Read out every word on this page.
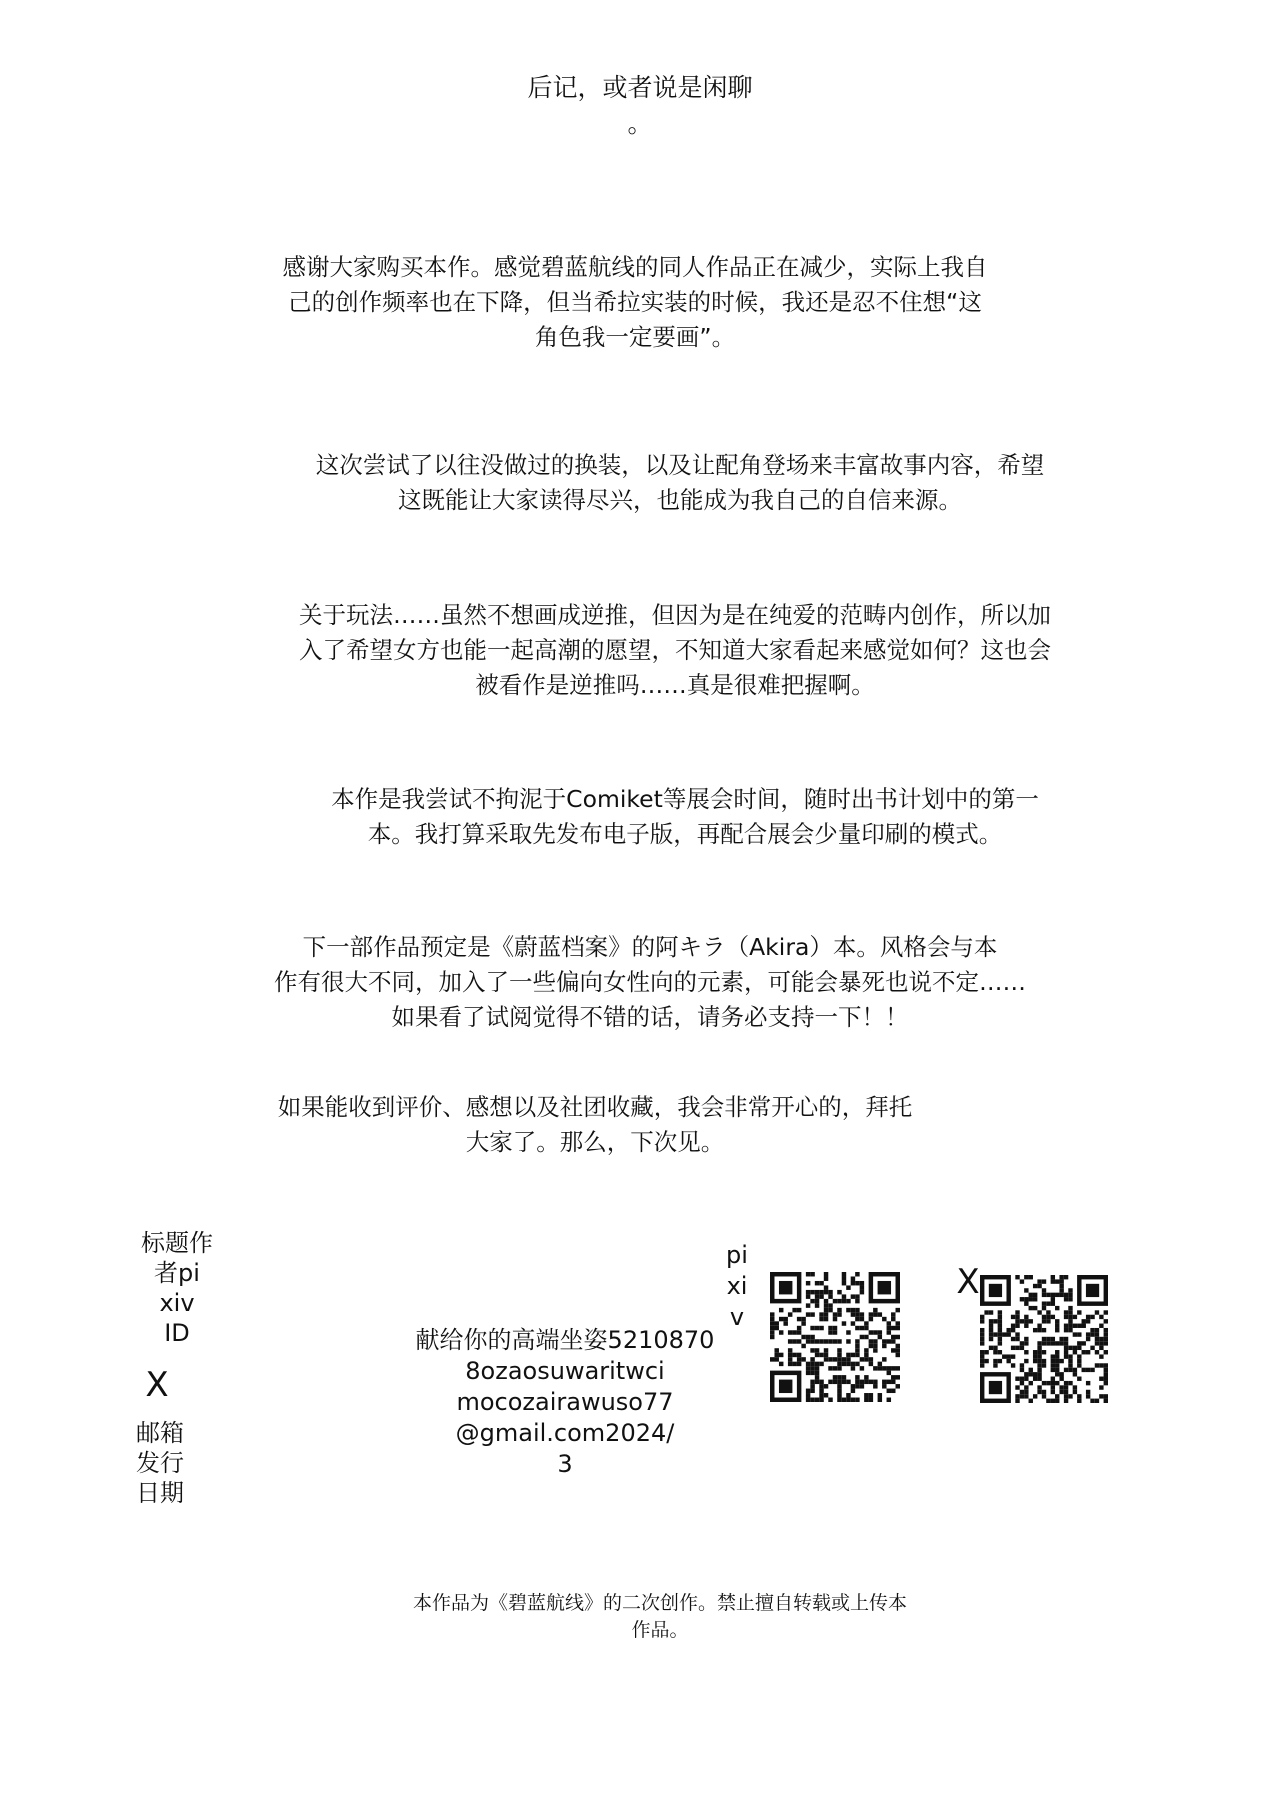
后记，或者说是闲聊
。
感谢大家购买本作。感觉碧蓝航线的同人作品正在减少，实际上我自
己的创作频率也在下降，但当希拉实装的时候，我还是忍不住想“这
角色我一定要画”。
这次尝试了以往没做过的换装，以及让配角登场来丰富故事内容，希望
这既能让大家读得尽兴，也能成为我自己的自信来源。
关于玩法……虽然不想画成逆推，但因为是在纯爱的范畴内创作，所以加
入了希望女方也能一起高潮的愿望，不知道大家看起来感觉如何？这也会
被看作是逆推吗……真是很难把握啊。
本作是我尝试不拘泥于Comiket等展会时间，随时出书计划中的第一
本。我打算采取先发布电子版，再配合展会少量印刷的模式。
下一部作品预定是《蔚蓝档案》的阿キラ（Akira）本。风格会与本
作有很大不同，加入了一些偏向女性向的元素，可能会暴死也说不定……
如果看了试阅觉得不错的话，请务必支持一下！！
如果能收到评价、感想以及社团收藏，我会非常开心的，拜托
大家了。那么，下次见。
标题作
者pi
xiv
ID
X
邮箱
发行
日期
献给你的高端坐姿5210870
8ozaosuwaritwci
mocozairawuso77
@gmail.com2024/
3
pi
xi
v
X
本作品为《碧蓝航线》的二次创作。禁止擅自转载或上传本
作品。
